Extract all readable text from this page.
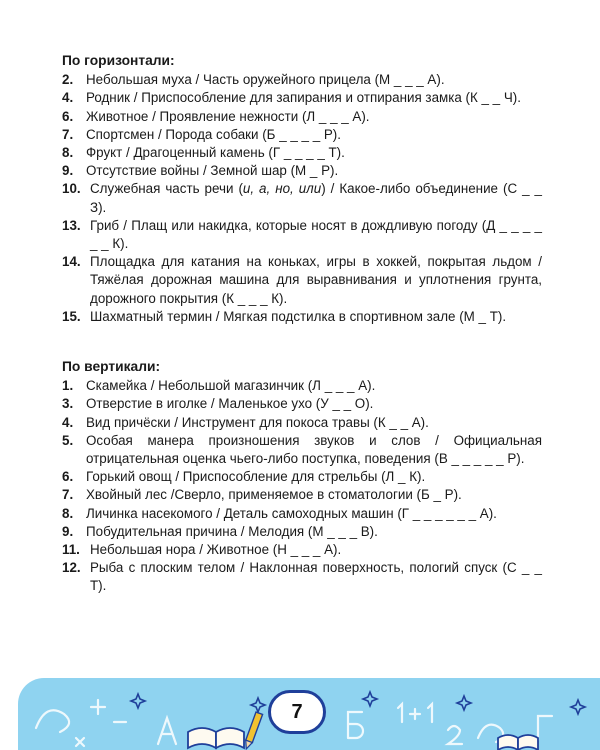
По горизонтали:
2. Небольшая муха / Часть оружейного прицела (М _ _ _ А).
4. Родник / Приспособление для запирания и отпирания замка (К _ _ Ч).
6. Животное / Проявление нежности (Л _ _ _ А).
7. Спортсмен / Порода собаки (Б _ _ _ _ Р).
8. Фрукт / Драгоценный камень (Г _ _ _ _ Т).
9. Отсутствие войны / Земной шар (М _ Р).
10. Служебная часть речи (и, а, но, или) / Какое-либо объединение (С _ _ З).
13. Гриб / Плащ или накидка, которые носят в дождливую погоду (Д _ _ _ _ _ _ К).
14. Площадка для катания на коньках, игры в хоккей, покрытая льдом / Тяжёлая дорожная машина для выравнивания и уплотнения грунта, дорожного покрытия (К _ _ _ К).
15. Шахматный термин / Мягкая подстилка в спортивном зале (М _ Т).
По вертикали:
1. Скамейка / Небольшой магазинчик (Л _ _ _ А).
3. Отверстие в иголке / Маленькое ухо (У _ _ О).
4. Вид причёски / Инструмент для покоса травы (К _ _ А).
5. Особая манера произношения звуков и слов / Официальная отрицательная оценка чьего-либо поступка, поведения (В _ _ _ _ _ Р).
6. Горький овощ / Приспособление для стрельбы (Л _ К).
7. Хвойный лес /Сверло, применяемое в стоматологии (Б _ Р).
8. Личинка насекомого / Деталь самоходных машин (Г _ _ _ _ _ _ А).
9. Побудительная причина / Мелодия (М _ _ _ В).
11. Небольшая нора / Животное (Н _ _ _ А).
12. Рыба с плоским телом / Наклонная поверхность, пологий спуск (С _ _ Т).
7
